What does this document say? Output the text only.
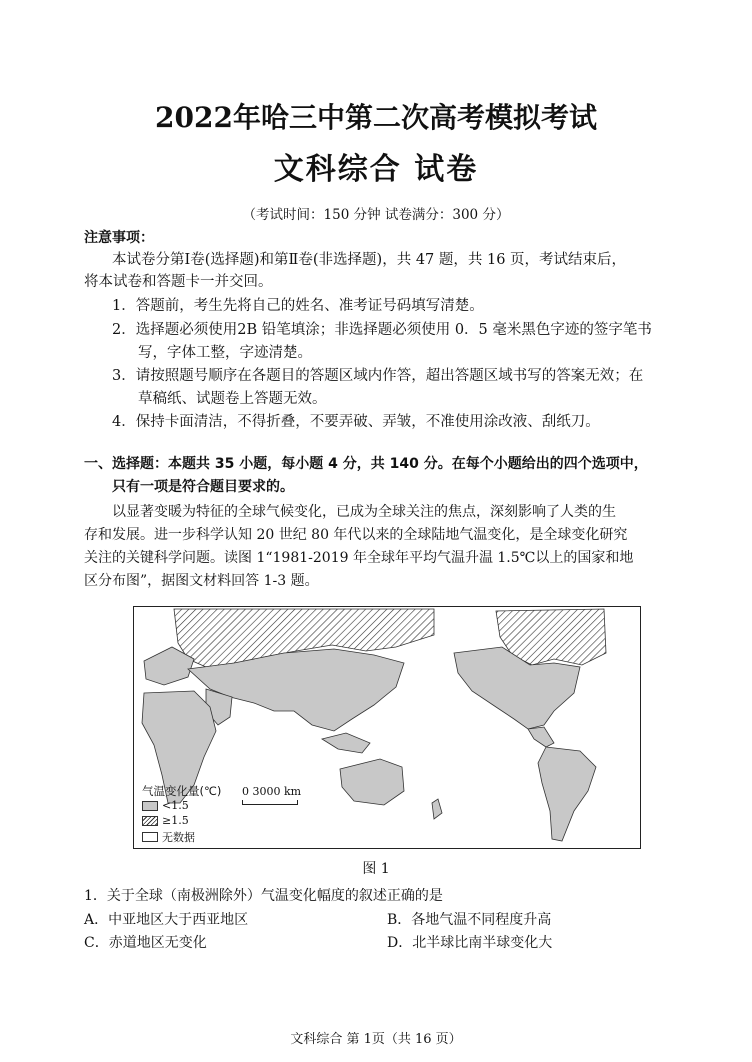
2022年哈三中第二次高考模拟考试
文科综合 试卷
（考试时间：150 分钟 试卷满分：300 分）
注意事项：
本试卷分第Ⅰ卷(选择题)和第Ⅱ卷(非选择题)，共 47 题，共 16 页，考试结束后，
将本试卷和答题卡一并交回。
1．答题前，考生先将自己的姓名、准考证号码填写清楚。
2．选择题必须使用2B 铅笔填涂；非选择题必须使用 0．5 毫米黑色字迹的签字笔书
写，字体工整，字迹清楚。
3．请按照题号顺序在各题目的答题区域内作答，超出答题区域书写的答案无效；在
草稿纸、试题卷上答题无效。
4．保持卡面清洁，不得折叠，不要弄破、弄皱，不准使用涂改液、刮纸刀。
一、选择题：本题共 35 小题，每小题 4 分，共 140 分。在每个小题给出的四个选项中，
只有一项是符合题目要求的。
以显著变暖为特征的全球气候变化，已成为全球关注的焦点，深刻影响了人类的生
存和发展。进一步科学认知 20 世纪 80 年代以来的全球陆地气温变化，是全球变化研究
关注的关键科学问题。读图 1“1981-2019 年全球年平均气温升温 1.5℃以上的国家和地
区分布图”，据图文材料回答 1-3 题。
气温变化量(℃)
<1.5
≥1.5
无数据
0 3000 km
图 1
1．关于全球（南极洲除外）气温变化幅度的叙述正确的是
A．中亚地区大于西亚地区	B．各地气温不同程度升高
C．赤道地区无变化	D．北半球比南半球变化大
文科综合 第 1页（共 16 页）
